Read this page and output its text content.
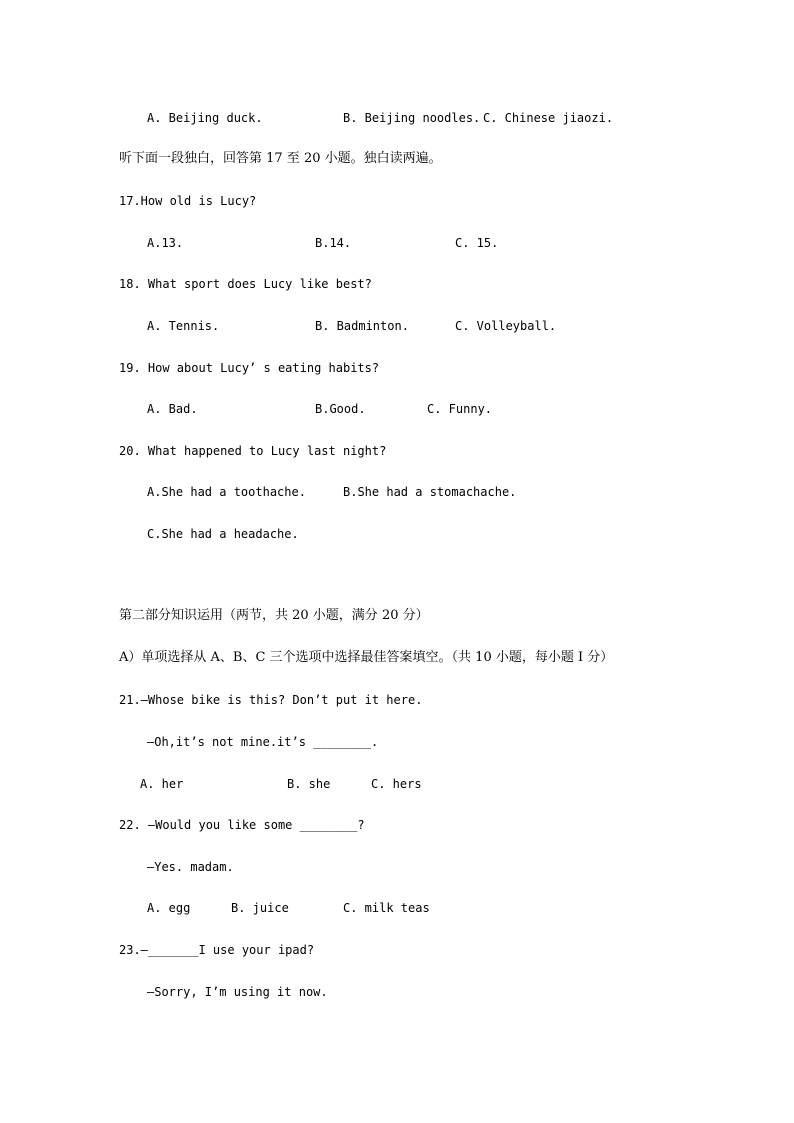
A. Beijing duck.	B. Beijing noodles. C. Chinese jiaozi.
听下面一段独白，回答第 17 至 20 小题。独白读两遍。
17.How old is Lucy?
A.13.	B.14.	C. 15.
18. What sport does Lucy like best?
A. Tennis.	B. Badminton.	C. Volleyball.
19. How about Lucy’ s eating habits?
A. Bad.	B.Good.	C. Funny.
20. What happened to Lucy last night?
A.She had a toothache.	B.She had a stomachache.
C.She had a headache.
第二部分知识运用（两节，共 20 小题，满分 20 分）
A）单项选择从 A、B、C 三个选项中选择最佳答案填空。（共 10 小题，每小题 I 分）
21.—Whose bike is this? Don’t put it here.
—Oh,it’s not mine.it’s ________.
A. her	B. she	C. hers
22. —Would you like some ________?
—Yes. madam.
A. egg	B. juice	C. milk teas
23.—_______I use your ipad?
—Sorry, I’m using it now.
